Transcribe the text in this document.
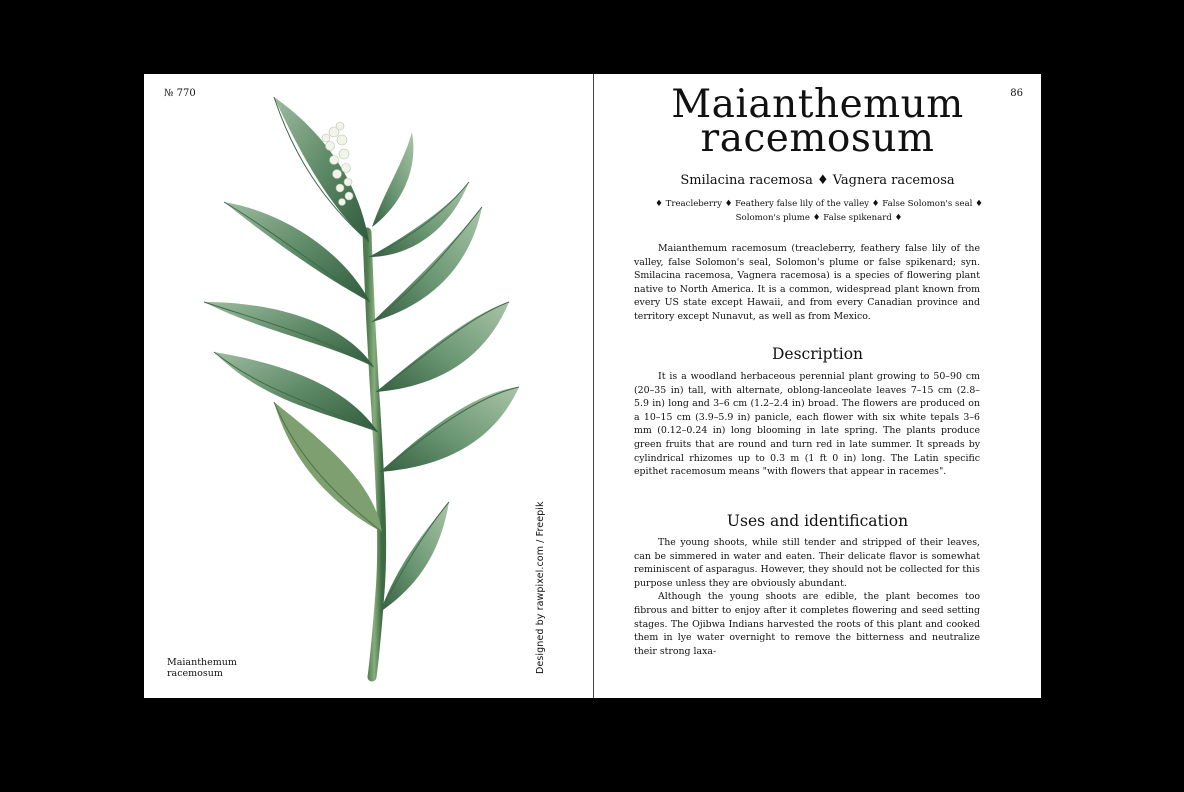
№ 770
Maianthemum
racemosum	Designed by rawpixel.com / Freepik
86
Maianthemum
racemosum
Smilacina racemosa ♦ Vagnera racemosa
♦ Treacleberry ♦ Feathery false lily of the valley ♦ False Solomon's seal ♦ Solomon's plume ♦ False spikenard ♦

Maianthemum racemosum (treacleberry, feathery false lily of the valley, false Solomon's seal, Solomon's plume or false spikenard; syn. Smilacina racemosa, Vagnera racemosa) is a species of flowering plant native to North America. It is a common, widespread plant known from every US state except Hawaii, and from every Canadian province and territory except Nunavut, as well as from Mexico.

Description

It is a woodland herbaceous perennial plant growing to 50–90 cm (20–35 in) tall, with alternate, oblong-lanceolate leaves 7–15 cm (2.8–5.9 in) long and 3–6 cm (1.2–2.4 in) broad. The flowers are produced on a 10–15 cm (3.9–5.9 in) panicle, each flower with six white tepals 3–6 mm (0.12–0.24 in) long blooming in late spring. The plants produce green fruits that are round and turn red in late summer. It spreads by cylindrical rhizomes up to 0.3 m (1 ft 0 in) long. The Latin specific epithet racemosum means "with flowers that appear in racemes".

Uses and identification

The young shoots, while still tender and stripped of their leaves, can be simmered in water and eaten. Their delicate flavor is somewhat reminiscent of asparagus. However, they should not be collected for this purpose unless they are obviously abundant.

Although the young shoots are edible, the plant becomes too fibrous and bitter to enjoy after it completes flowering and seed setting stages. The Ojibwa Indians harvested the roots of this plant and cooked them in lye water overnight to remove the bitterness and neutralize their strong laxa-
